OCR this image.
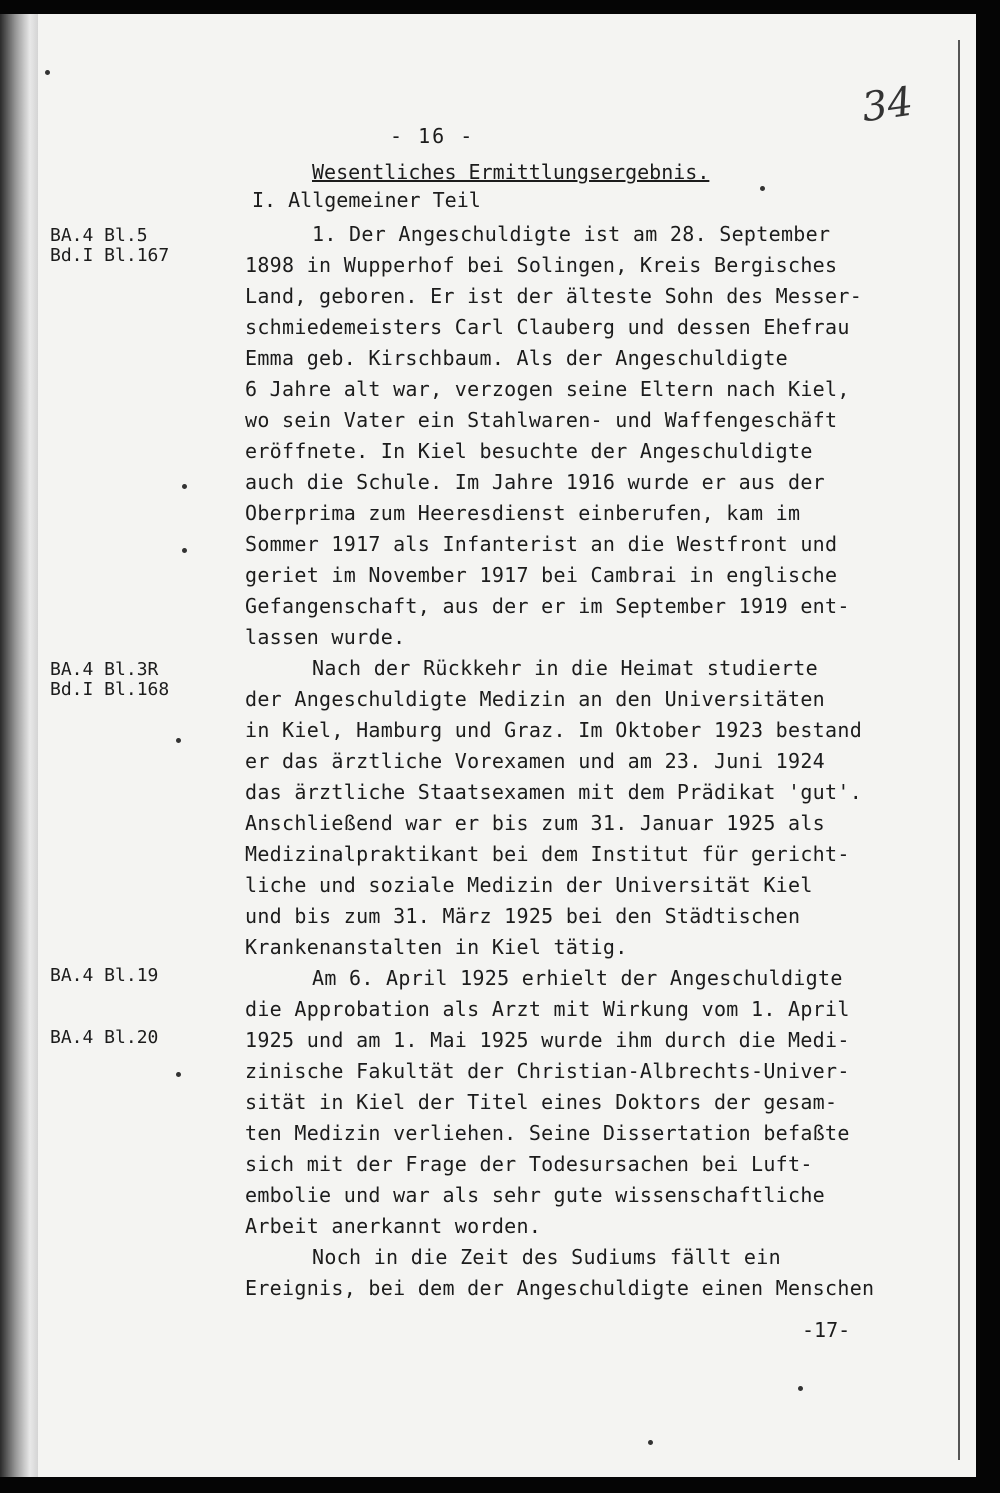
34
- 16 -
Wesentliches Ermittlungsergebnis.
I. Allgemeiner Teil
BA.4 Bl.5
Bd.I Bl.167
BA.4 Bl.3R
Bd.I Bl.168
BA.4 Bl.19
BA.4 Bl.20
1. Der Angeschuldigte ist am 28. September
1898 in Wupperhof bei Solingen, Kreis Bergisches
Land, geboren. Er ist der älteste Sohn des Messer-
schmiedemeisters Carl Clauberg und dessen Ehefrau
Emma geb. Kirschbaum. Als der Angeschuldigte
6 Jahre alt war, verzogen seine Eltern nach Kiel,
wo sein Vater ein Stahlwaren- und Waffengeschäft
eröffnete. In Kiel besuchte der Angeschuldigte
auch die Schule. Im Jahre 1916 wurde er aus der
Oberprima zum Heeresdienst einberufen, kam im
Sommer 1917 als Infanterist an die Westfront und
geriet im November 1917 bei Cambrai in englische
Gefangenschaft, aus der er im September 1919 ent-
lassen wurde.
Nach der Rückkehr in die Heimat studierte
der Angeschuldigte Medizin an den Universitäten
in Kiel, Hamburg und Graz. Im Oktober 1923 bestand
er das ärztliche Vorexamen und am 23. Juni 1924
das ärztliche Staatsexamen mit dem Prädikat 'gut'.
Anschließend war er bis zum 31. Januar 1925 als
Medizinalpraktikant bei dem Institut für gericht-
liche und soziale Medizin der Universität Kiel
und bis zum 31. März 1925 bei den Städtischen
Krankenanstalten in Kiel tätig.
Am 6. April 1925 erhielt der Angeschuldigte
die Approbation als Arzt mit Wirkung vom 1. April
1925 und am 1. Mai 1925 wurde ihm durch die Medi-
zinische Fakultät der Christian-Albrechts-Univer-
sität in Kiel der Titel eines Doktors der gesam-
ten Medizin verliehen. Seine Dissertation befaßte
sich mit der Frage der Todesursachen bei Luft-
embolie und war als sehr gute wissenschaftliche
Arbeit anerkannt worden.
Noch in die Zeit des Sudiums fällt ein
Ereignis, bei dem der Angeschuldigte einen Menschen
-17-
